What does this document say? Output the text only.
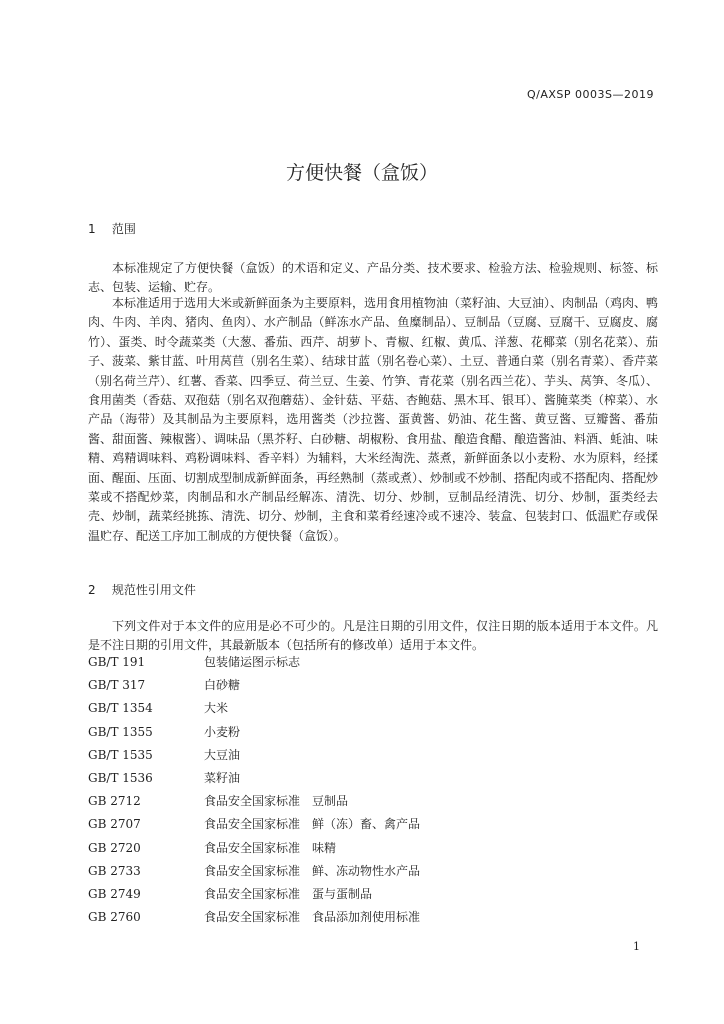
Q/AXSP 0003S—2019
方便快餐（盒饭）
1 范围

本标准规定了方便快餐（盒饭）的术语和定义、产品分类、技术要求、检验方法、检验规则、标签、标志、包装、运输、贮存。

本标准适用于选用大米或新鲜面条为主要原料，选用食用植物油（菜籽油、大豆油）、肉制品（鸡肉、鸭肉、牛肉、羊肉、猪肉、鱼肉）、水产制品（鲜冻水产品、鱼糜制品）、豆制品（豆腐、豆腐干、豆腐皮、腐竹）、蛋类、时令蔬菜类（大葱、番茄、西芹、胡萝卜、青椒、红椒、黄瓜、洋葱、花椰菜（别名花菜）、茄子、菠菜、紫甘蓝、叶用莴苣（别名生菜）、结球甘蓝（别名卷心菜）、土豆、普通白菜（别名青菜）、香芹菜（别名荷兰芹）、红薯、香菜、四季豆、荷兰豆、生姜、竹笋、青花菜（别名西兰花）、芋头、莴笋、冬瓜）、食用菌类（香菇、双孢菇（别名双孢蘑菇）、金针菇、平菇、杏鲍菇、黑木耳、银耳）、酱腌菜类（榨菜）、水产品（海带）及其制品为主要原料，选用酱类（沙拉酱、蛋黄酱、奶油、花生酱、黄豆酱、豆瓣酱、番茄酱、甜面酱、辣椒酱）、调味品（黑芥籽、白砂糖、胡椒粉、食用盐、酿造食醋、酿造酱油、料酒、蚝油、味精、鸡精调味料、鸡粉调味料、香辛料）为辅料，大米经淘洗、蒸煮，新鲜面条以小麦粉、水为原料，经揉面、醒面、压面、切割成型制成新鲜面条，再经熟制（蒸或煮）、炒制或不炒制、搭配肉或不搭配肉、搭配炒菜或不搭配炒菜，肉制品和水产制品经解冻、清洗、切分、炒制，豆制品经清洗、切分、炒制，蛋类经去壳、炒制，蔬菜经挑拣、清洗、切分、炒制，主食和菜肴经速冷或不速冷、装盒、包装封口、低温贮存或保温贮存、配送工序加工制成的方便快餐（盒饭）。

2 规范性引用文件

下列文件对于本文件的应用是必不可少的。凡是注日期的引用文件，仅注日期的版本适用于本文件。凡是不注日期的引用文件，其最新版本（包括所有的修改单）适用于本文件。

GB/T 191	包装储运图示标志
GB/T 317	白砂糖
GB/T 1354	大米
GB/T 1355	小麦粉
GB/T 1535	大豆油
GB/T 1536	菜籽油
GB 2712	食品安全国家标准　豆制品
GB 2707	食品安全国家标准　鲜（冻）畜、禽产品
GB 2720	食品安全国家标准　味精
GB 2733	食品安全国家标准　鲜、冻动物性水产品
GB 2749	食品安全国家标准　蛋与蛋制品
GB 2760	食品安全国家标准　食品添加剂使用标准
1
